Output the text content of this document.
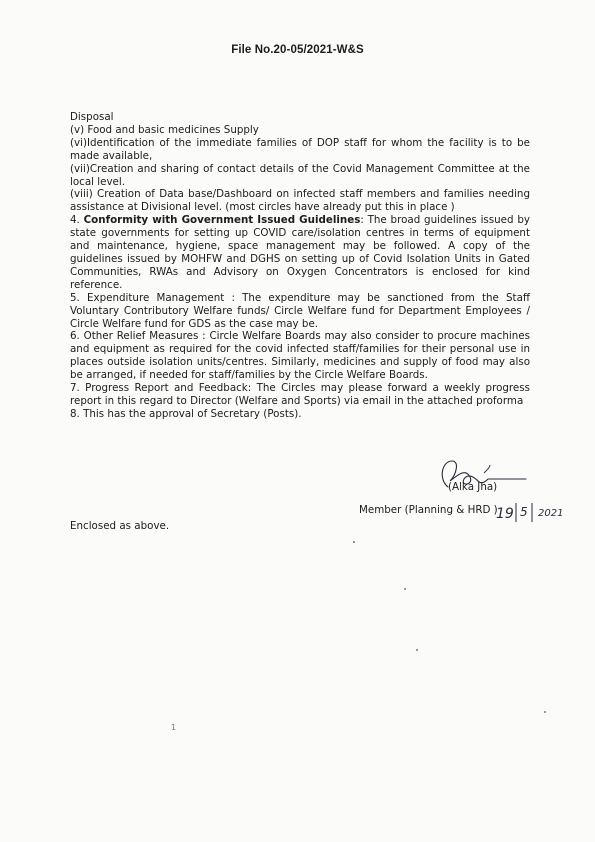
File No.20-05/2021-W&S

Disposal

(v) Food and basic medicines Supply

(vi)Identification of the immediate families of DOP staff for whom the facility is to be made available,

(vii)Creation and sharing of contact details of the Covid Management Committee at the local level.

(viii) Creation of Data base/Dashboard on infected staff members and families needing assistance at Divisional level. (most circles have already put this in place )

4. Conformity with Government Issued Guidelines: The broad guidelines issued by state governments for setting up COVID care/isolation centres in terms of equipment and maintenance, hygiene, space management may be followed. A copy of the guidelines issued by MOHFW and DGHS on setting up of Covid Isolation Units in Gated Communities, RWAs and Advisory on Oxygen Concentrators is enclosed for kind reference.

5. Expenditure Management : The expenditure may be sanctioned from the Staff Voluntary Contributory Welfare funds/ Circle Welfare fund for Department Employees / Circle Welfare fund for GDS as the case may be.

6. Other Relief Measures : Circle Welfare Boards may also consider to procure machines and equipment as required for the covid infected staff/families for their personal use in places outside isolation units/centres. Similarly, medicines and supply of food may also be arranged, if needed for staff/families by the Circle Welfare Boards.

7. Progress Report and Feedback: The Circles may please forward a weekly progress report in this regard to Director (Welfare and Sports) via email in the attached proforma

8. This has the approval of Secretary (Posts).

(Alka Jha)
Member (Planning & HRD )
19 5 2021
Enclosed as above.
1
